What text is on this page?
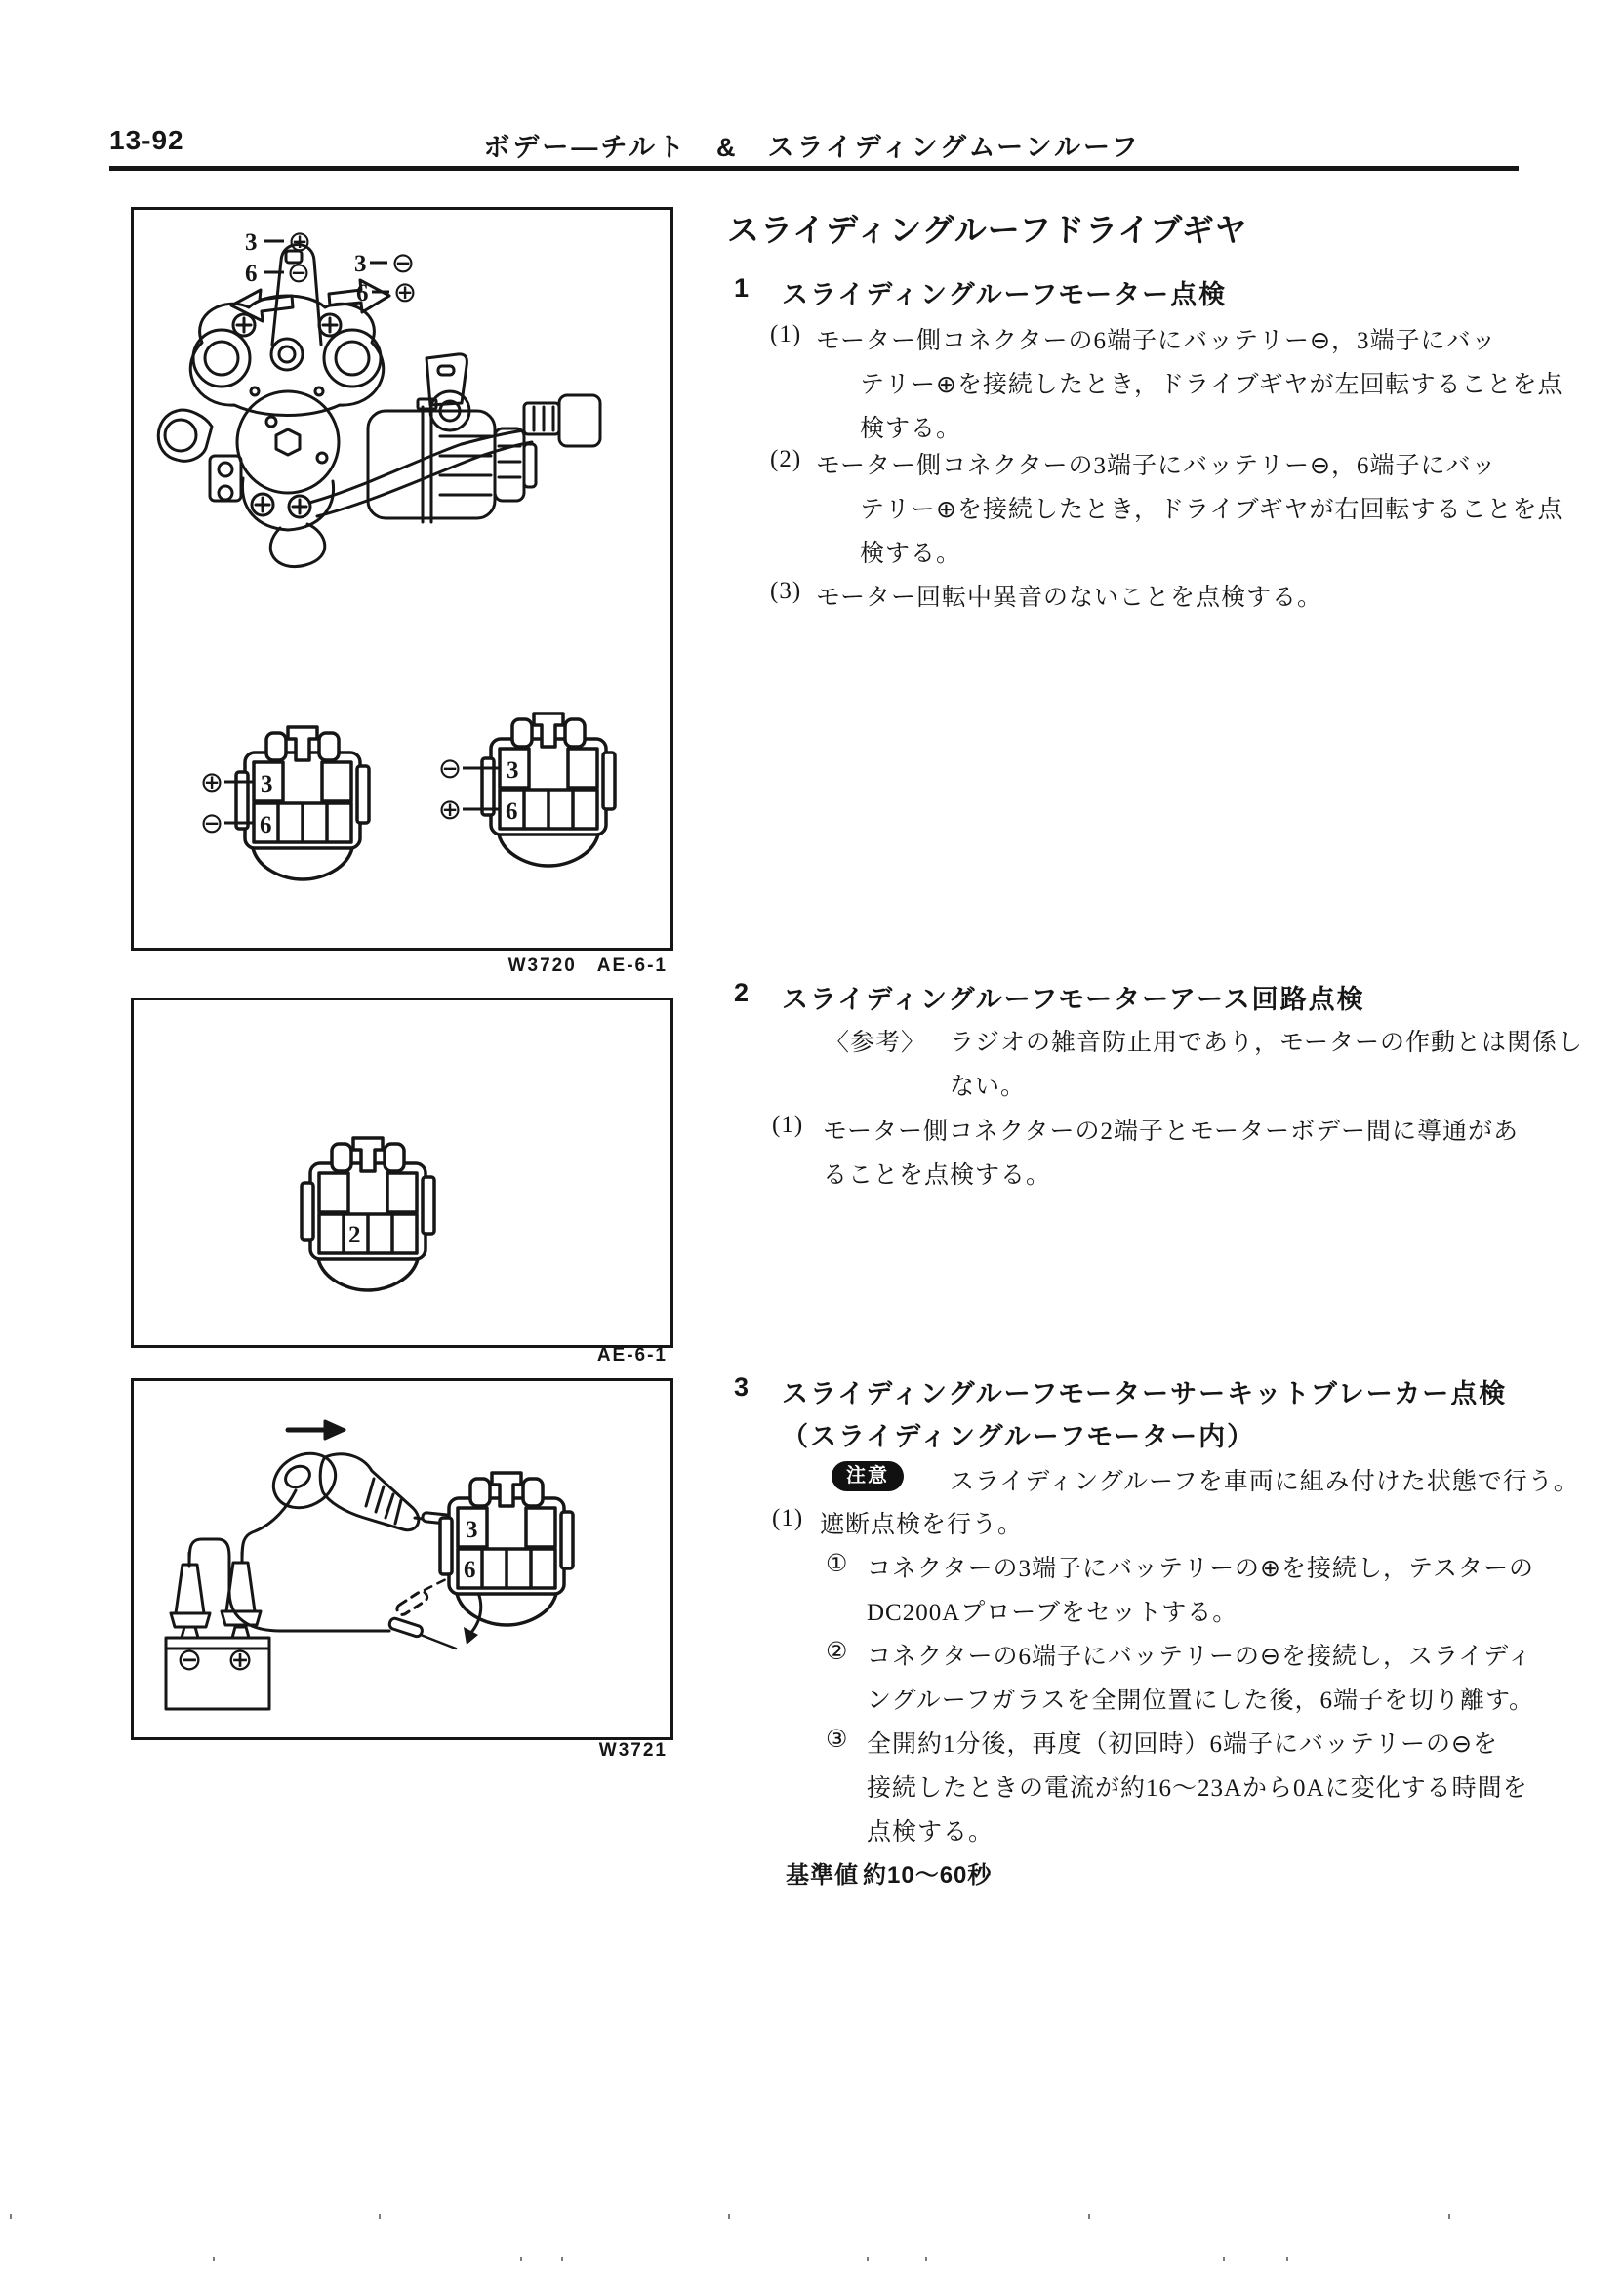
13-92	ボデー―チルト　&　スライディングムーンルーフ
スライディングルーフドライブギヤ
1 スライディングルーフモーター点検
(1) モーター側コネクターの6端子にバッテリー⊖，3端子にバッ
テリー⊕を接続したとき，ドライブギヤが左回転することを点
検する。
(2) モーター側コネクターの3端子にバッテリー⊖，6端子にバッ
テリー⊕を接続したとき，ドライブギヤが右回転することを点
検する。
(3) モーター回転中異音のないことを点検する。
2 スライディングルーフモーターアース回路点検
〈参考〉 ラジオの雑音防止用であり，モーターの作動とは関係し
ない。
(1) モーター側コネクターの2端子とモーターボデー間に導通があ
ることを点検する。
3 スライディングルーフモーターサーキットブレーカー点検
（スライディングルーフモーター内）
注意	スライディングルーフを車両に組み付けた状態で行う。
(1) 遮断点検を行う。
① コネクターの3端子にバッテリーの⊕を接続し，テスターの
DC200Aプローブをセットする。
② コネクターの6端子にバッテリーの⊖を接続し，スライディ
ングルーフガラスを全開位置にした後，6端子を切り離す。
③ 全開約1分後，再度（初回時）6端子にバッテリーの⊖を
接続したときの電流が約16～23Aから0Aに変化する時間を
点検する。
基準値 約10～60秒
3 ⊕
6 ⊖ 3 ⊖
6 ⊕
⊕ 3
⊖ 6
⊖ 3
⊕ 6
W3720　AE-6-1
2
AE-6-1
⊖ ⊕
3
6
W3721
